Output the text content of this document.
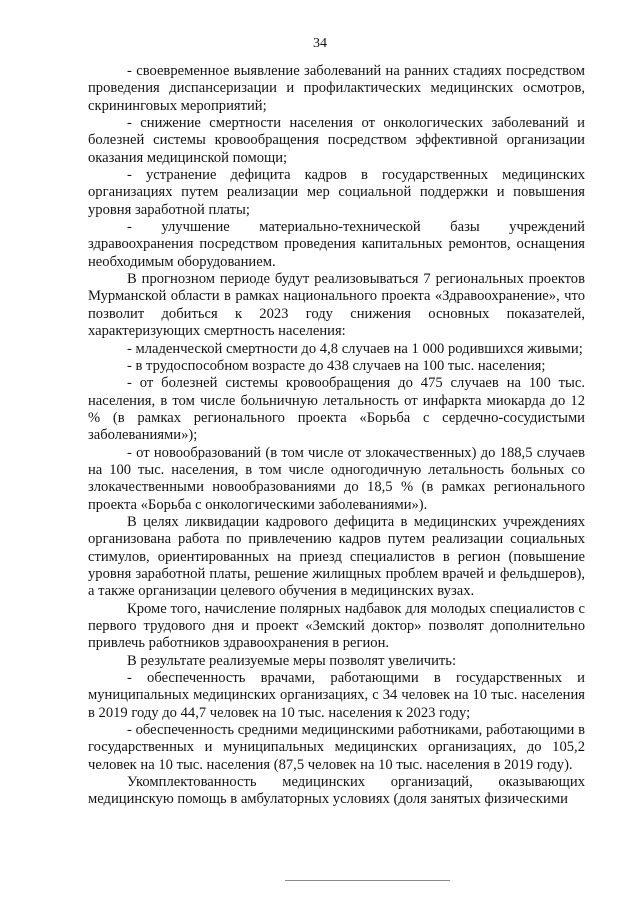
34

- своевременное выявление заболеваний на ранних стадиях посредством проведения диспансеризации и профилактических медицинских осмотров, скрининговых мероприятий;

- снижение смертности населения от онкологических заболеваний и болезней системы кровообращения посредством эффективной организации оказания медицинской помощи;

- устранение дефицита кадров в государственных медицинских организациях путем реализации мер социальной поддержки и повышения уровня заработной платы;

- улучшение материально-технической базы учреждений здравоохранения посредством проведения капитальных ремонтов, оснащения необходимым оборудованием.

В прогнозном периоде будут реализовываться 7 региональных проектов Мурманской области в рамках национального проекта «Здравоохранение», что позволит добиться к 2023 году снижения основных показателей, характеризующих смертность населения:

- младенческой смертности до 4,8 случаев на 1 000 родившихся живыми;

- в трудоспособном возрасте до 438 случаев на 100 тыс. населения;

- от болезней системы кровообращения до 475 случаев на 100 тыс. населения, в том числе больничную летальность от инфаркта миокарда до 12 % (в рамках регионального проекта «Борьба с сердечно-сосудистыми заболеваниями»);

- от новообразований (в том числе от злокачественных) до 188,5 случаев на 100 тыс. населения, в том числе одногодичную летальность больных со злокачественными новообразованиями до 18,5 % (в рамках регионального проекта «Борьба с онкологическими заболеваниями»).

В целях ликвидации кадрового дефицита в медицинских учреждениях организована работа по привлечению кадров путем реализации социальных стимулов, ориентированных на приезд специалистов в регион (повышение уровня заработной платы, решение жилищных проблем врачей и фельдшеров), а также организации целевого обучения в медицинских вузах.

Кроме того, начисление полярных надбавок для молодых специалистов с первого трудового дня и проект «Земский доктор» позволят дополнительно привлечь работников здравоохранения в регион.

В результате реализуемые меры позволят увеличить:

- обеспеченность врачами, работающими в государственных и муниципальных медицинских организациях, с 34 человек на 10 тыс. населения в 2019 году до 44,7 человек на 10 тыс. населения к 2023 году;

- обеспеченность средними медицинскими работниками, работающими в государственных и муниципальных медицинских организациях, до 105,2 человек на 10 тыс. населения (87,5 человек на 10 тыс. населения в 2019 году).

Укомплектованность медицинских организаций, оказывающих медицинскую помощь в амбулаторных условиях (доля занятых физическими
